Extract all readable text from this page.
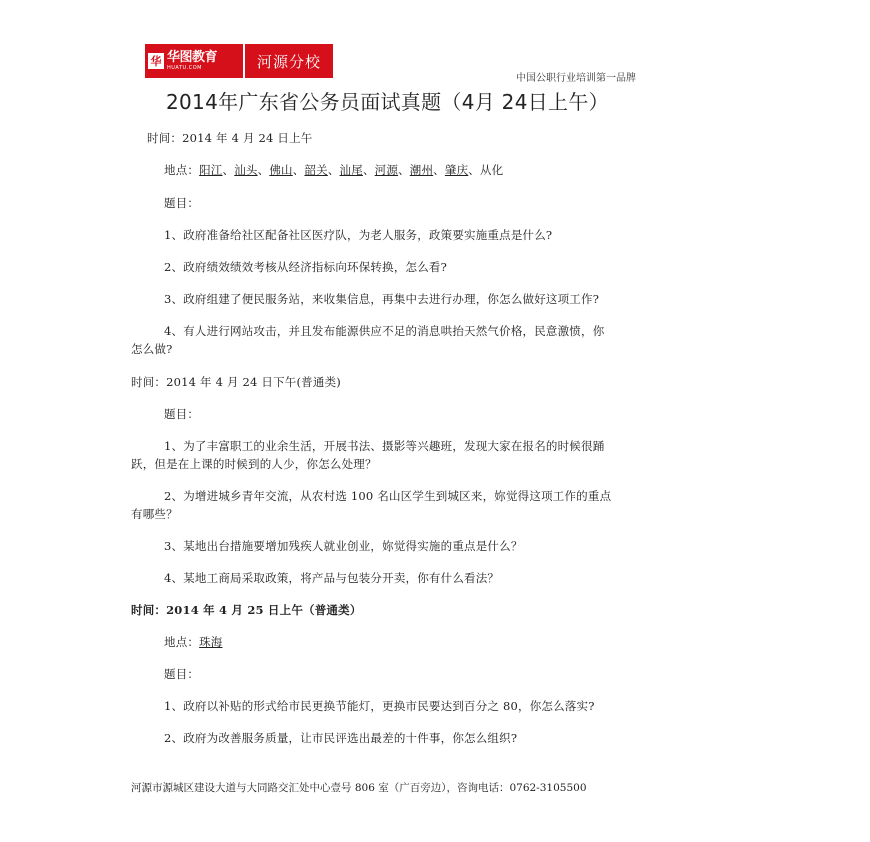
华 华图教育
HUATU.COM	河源分校
中国公职行业培训第一品牌
2014年广东省公务员面试真题（4月 24日上午）
时间：2014 年 4 月 24 日上午
地点：阳江、汕头、佛山、韶关、汕尾、河源、潮州、肇庆、从化
题目：
1、政府准备给社区配备社区医疗队，为老人服务，政策要实施重点是什么?
2、政府绩效绩效考核从经济指标向环保转换，怎么看?
3、政府组建了便民服务站，来收集信息，再集中去进行办理，你怎么做好这项工作?
4、有人进行网站攻击，并且发布能源供应不足的消息哄抬天然气价格，民意激愤，你
怎么做?
时间：2014 年 4 月 24 日下午(普通类)
题目：
1、为了丰富职工的业余生活，开展书法、摄影等兴趣班，发现大家在报名的时候很踊
跃，但是在上课的时候到的人少，你怎么处理？
2、为增进城乡青年交流，从农村选 100 名山区学生到城区来，妳觉得这项工作的重点
有哪些？
3、某地出台措施要增加残疾人就业创业，妳觉得实施的重点是什么？
4、某地工商局采取政策，将产品与包装分开卖，你有什么看法？
时间：2014 年 4 月 25 日上午（普通类）
地点：珠海
题目：
1、政府以补贴的形式给市民更换节能灯，更换市民要达到百分之 80，你怎么落实?
2、政府为改善服务质量，让市民评选出最差的十件事，你怎么组织?
河源市源城区建设大道与大同路交汇处中心壹号 806 室（广百旁边），咨询电话：0762-3105500
